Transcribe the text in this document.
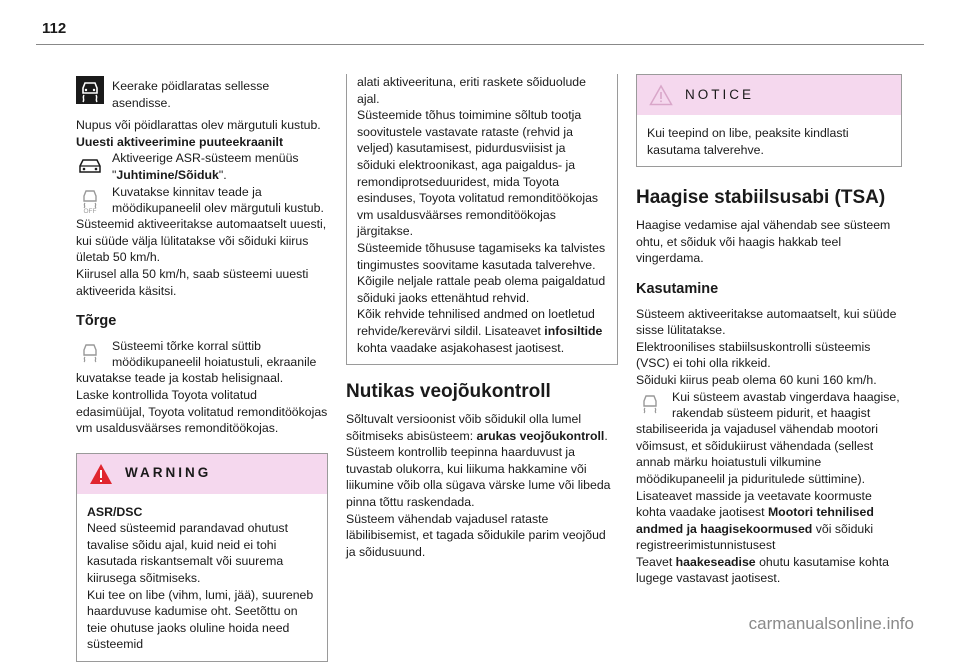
112

Keerake pöidlaratas sellesse asendisse.

Nupus või pöidlarattas olev märgutuli kustub.

Uuesti aktiveerimine puuteekraanilt

Aktiveerige ASR-süsteem menüüs

"Juhtimine/Sõiduk".

OFF

Kuvatakse kinnitav teade ja

möödikupaneelil olev märgutuli kustub.

Süsteemid aktiveeritakse automaatselt uuesti, kui süüde välja lülitatakse või sõiduki kiirus ületab 50 km/h.

Kiirusel alla 50 km/h, saab süsteemi uuesti aktiveerida käsitsi.

Tõrge

Süsteemi tõrke korral süttib

möödikupaneelil hoiatustuli, ekraanile kuvatakse teade ja kostab helisignaal.

Laske kontrollida Toyota volitatud edasimüüjal, Toyota volitatud remonditöökojas vm usaldusväärses remonditöökojas.

WARNING

ASR/DSC

Need süsteemid parandavad ohutust tavalise sõidu ajal, kuid neid ei tohi kasutada riskantsemalt või suurema kiirusega sõitmiseks.

Kui tee on libe (vihm, lumi, jää), suureneb haarduvuse kadumise oht. Seetõttu on teie ohutuse jaoks oluline hoida need süsteemid

alati aktiveerituna, eriti raskete sõiduolude ajal.

Süsteemide tõhus toimimine sõltub tootja soovitustele vastavate rataste (rehvid ja veljed) kasutamisest, pidurdusviisist ja sõiduki elektroonikast, aga paigaldus- ja remondiprotseduuridest, mida Toyota esinduses, Toyota volitatud remonditöökojas vm usaldusväärses remonditöökojas järgitakse.

Süsteemide tõhususe tagamiseks ka talvistes tingimustes soovitame kasutada talverehve. Kõigile neljale rattale peab olema paigaldatud sõiduki jaoks ettenähtud rehvid.

Kõik rehvide tehnilised andmed on loetletud rehvide/kerevärvi sildil. Lisateavet infosiltide kohta vaadake asjakohasest jaotisest.

Nutikas veojõukontroll

Sõltuvalt versioonist võib sõidukil olla lumel sõitmiseks abisüsteem: arukas veojõukontroll.

Süsteem kontrollib teepinna haarduvust ja tuvastab olukorra, kui liikuma hakkamine või liikumine võib olla sügava värske lume või libeda pinna tõttu raskendada.

Süsteem vähendab vajadusel rataste läbilibisemist, et tagada sõidukile parim veojõud ja sõidusuund.

NOTICE

Kui teepind on libe, peaksite kindlasti kasutama talverehve.

Haagise stabiilsusabi (TSA)

Haagise vedamise ajal vähendab see süsteem ohtu, et sõiduk või haagis hakkab teel vingerdama.

Kasutamine

Süsteem aktiveeritakse automaatselt, kui süüde sisse lülitatakse.

Elektroonilises stabiilsuskontrolli süsteemis (VSC) ei tohi olla rikkeid.

Sõiduki kiirus peab olema 60 kuni 160 km/h.

Kui süsteem avastab vingerdava haagise,

rakendab süsteem pidurit, et haagist stabiliseerida ja vajadusel vähendab mootori võimsust, et sõidukiirust vähendada (sellest annab märku hoiatustuli vilkumine möödikupaneelil ja piduritulede süttimine).

Lisateavet masside ja veetavate koormuste kohta vaadake jaotisest Mootori tehnilised andmed ja haagisekoormused või sõiduki registreerimistunnistusest

Teavet haakeseadise ohutu kasutamise kohta lugege vastavast jaotisest.

carmanualsonline.info
